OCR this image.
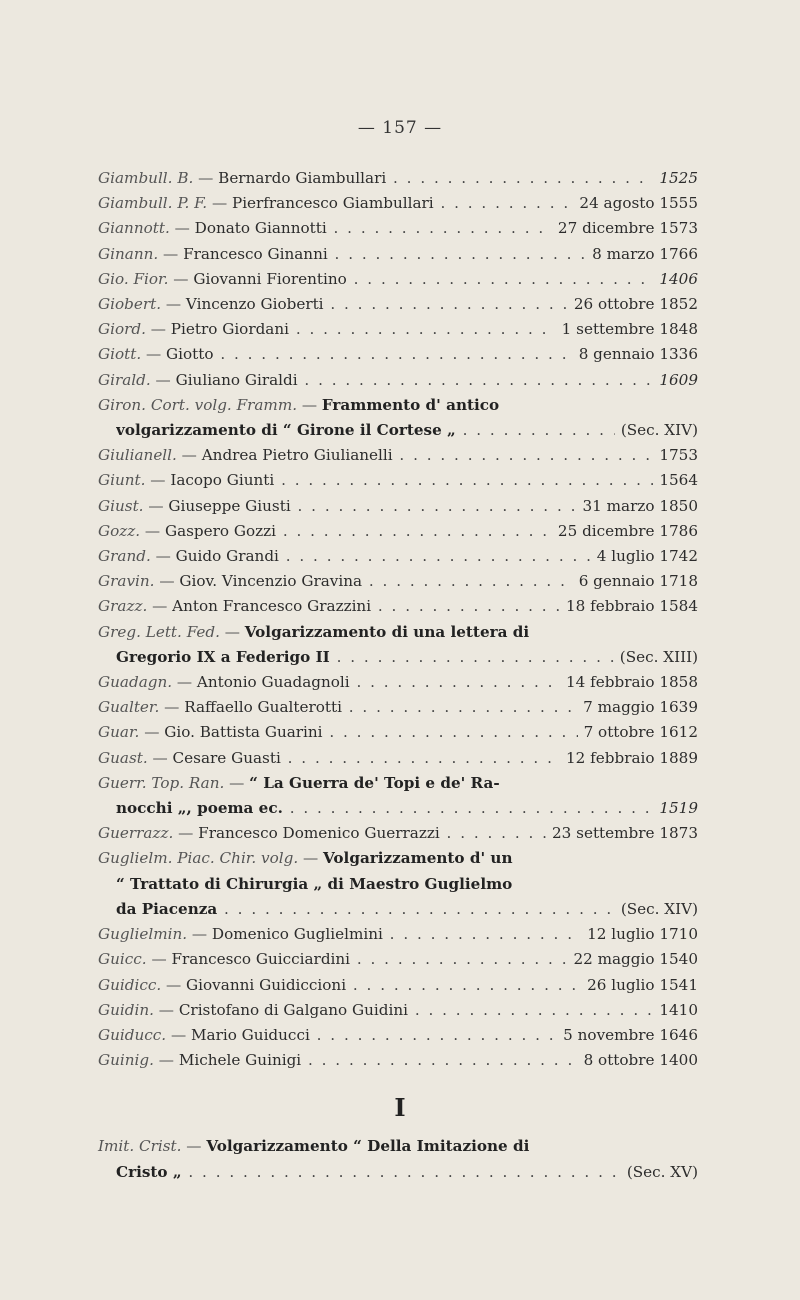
— 157 —
Giambull. B. — Bernardo Giambullari . . .	1525
Giambull. P. F. — Pierfrancesco Giambullari . . .	24 agosto 1555
Giannott. — Donato Giannotti . . .	27 dicembre 1573
Ginann. — Francesco Ginanni . . .	8 marzo 1766
Gio. Fior. — Giovanni Fiorentino . . .	1406
Giobert. — Vincenzo Gioberti . . .	26 ottobre 1852
Giord. — Pietro Giordani . . .	1 settembre 1848
Giott. — Giotto . . .	8 gennaio 1336
Girald. — Giuliano Giraldi . . .	1609
Giron. Cort. volg. Framm. — Frammento d' antico
volgarizzamento di “ Girone il Cortese „ . . .	(Sec. XIV)
Giulianell. — Andrea Pietro Giulianelli . . .	1753
Giunt. — Iacopo Giunti . . .	1564
Giust. — Giuseppe Giusti . . .	31 marzo 1850
Gozz. — Gaspero Gozzi . . .	25 dicembre 1786
Grand. — Guido Grandi . . .	4 luglio 1742
Gravin. — Giov. Vincenzio Gravina . . .	6 gennaio 1718
Grazz. — Anton Francesco Grazzini . . .	18 febbraio 1584
Greg. Lett. Fed. — Volgarizzamento di una lettera di
Gregorio IX a Federigo II . . .	(Sec. XIII)
Guadagn. — Antonio Guadagnoli . . .	14 febbraio 1858
Gualter. — Raffaello Gualterotti . . .	7 maggio 1639
Guar. — Gio. Battista Guarini . . .	7 ottobre 1612
Guast. — Cesare Guasti . . .	12 febbraio 1889
Guerr. Top. Ran. — “ La Guerra de' Topi e de' Ra-
nocchi „, poema ec. . . .	1519
Guerrazz. — Francesco Domenico Guerrazzi . . .	23 settembre 1873
Guglielm. Piac. Chir. volg. — Volgarizzamento d' un
“ Trattato di Chirurgia „ di Maestro Guglielmo
da Piacenza . . .	(Sec. XIV)
Guglielmin. — Domenico Guglielmini . . .	12 luglio 1710
Guicc. — Francesco Guicciardini . . .	22 maggio 1540
Guidicc. — Giovanni Guidiccioni . . .	26 luglio 1541
Guidin. — Cristofano di Galgano Guidini . . .	1410
Guiducc. — Mario Guiducci . . .	5 novembre 1646
Guinig. — Michele Guinigi . . .	8 ottobre 1400
I
Imit. Crist. — Volgarizzamento “ Della Imitazione di
Cristo „ . . .	(Sec. XV)
